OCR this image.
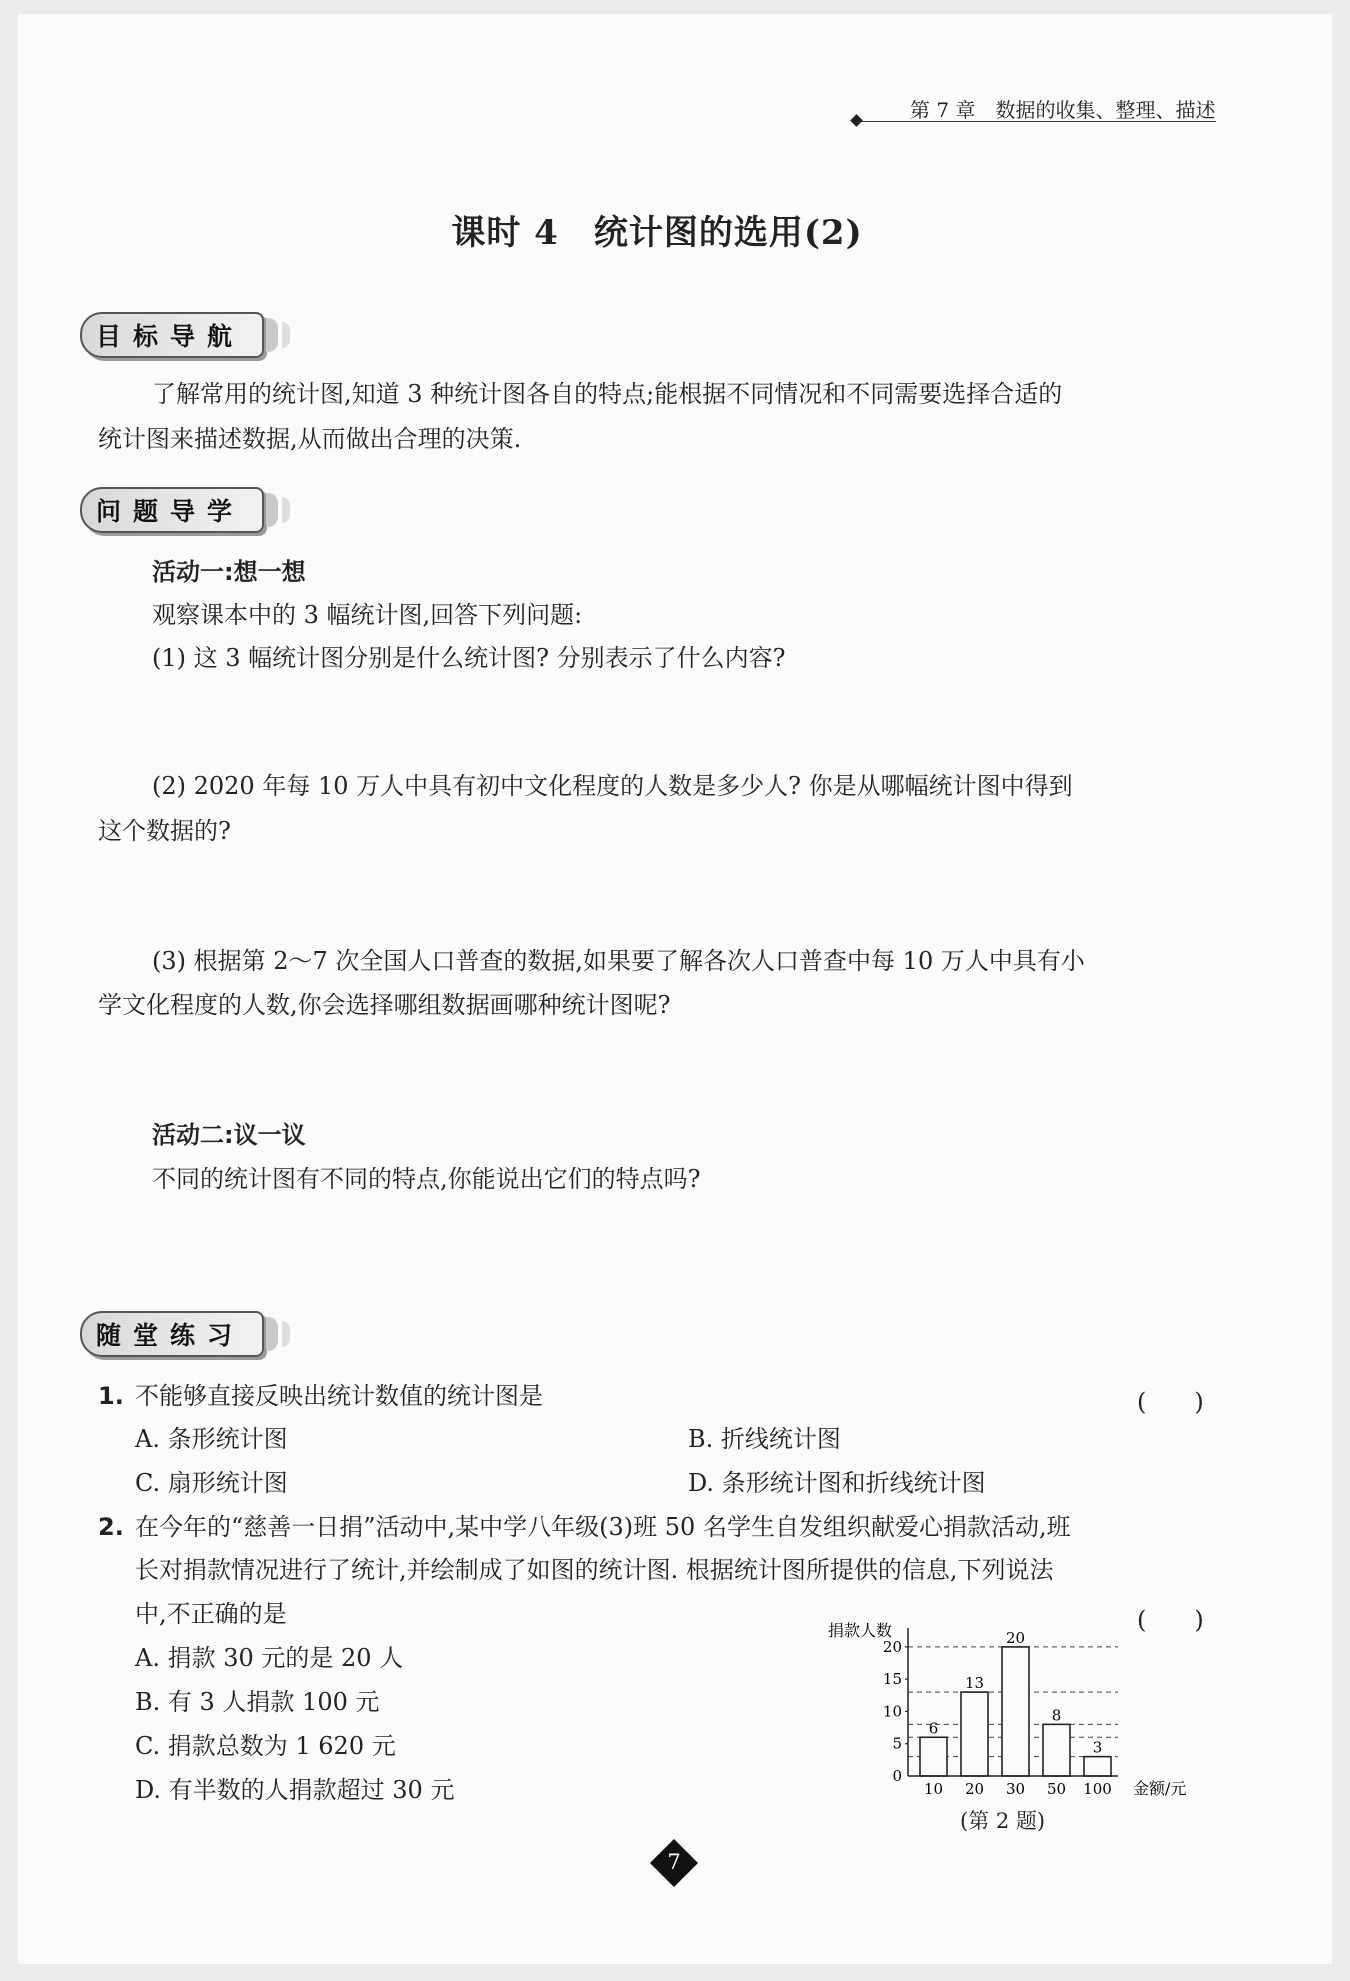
第 7 章　数据的收集、整理、描述
课时 4　统计图的选用(2)
目标导航
了解常用的统计图,知道 3 种统计图各自的特点;能根据不同情况和不同需要选择合适的
统计图来描述数据,从而做出合理的决策.
问题导学
活动一:想一想
观察课本中的 3 幅统计图,回答下列问题:
(1) 这 3 幅统计图分别是什么统计图? 分别表示了什么内容?
(2) 2020 年每 10 万人中具有初中文化程度的人数是多少人? 你是从哪幅统计图中得到
这个数据的?
(3) 根据第 2～7 次全国人口普查的数据,如果要了解各次人口普查中每 10 万人中具有小
学文化程度的人数,你会选择哪组数据画哪种统计图呢?
活动二:议一议
不同的统计图有不同的特点,你能说出它们的特点吗?
随堂练习
1. 不能够直接反映出统计数值的统计图是	(　　)
A. 条形统计图	B. 折线统计图
C. 扇形统计图	D. 条形统计图和折线统计图
2. 在今年的“慈善一日捐”活动中,某中学八年级(3)班 50 名学生自发组织献爱心捐款活动,班
长对捐款情况进行了统计,并绘制成了如图的统计图. 根据统计图所提供的信息,下列说法
中,不正确的是	(　　)
A. 捐款 30 元的是 20 人
B. 有 3 人捐款 100 元
C. 捐款总数为 1 620 元
D. 有半数的人捐款超过 30 元
捐款人数
金额/元
0
5
10
15
20
6
10
13
20
20
30
8
50
3
100
(第 2 题)
7
